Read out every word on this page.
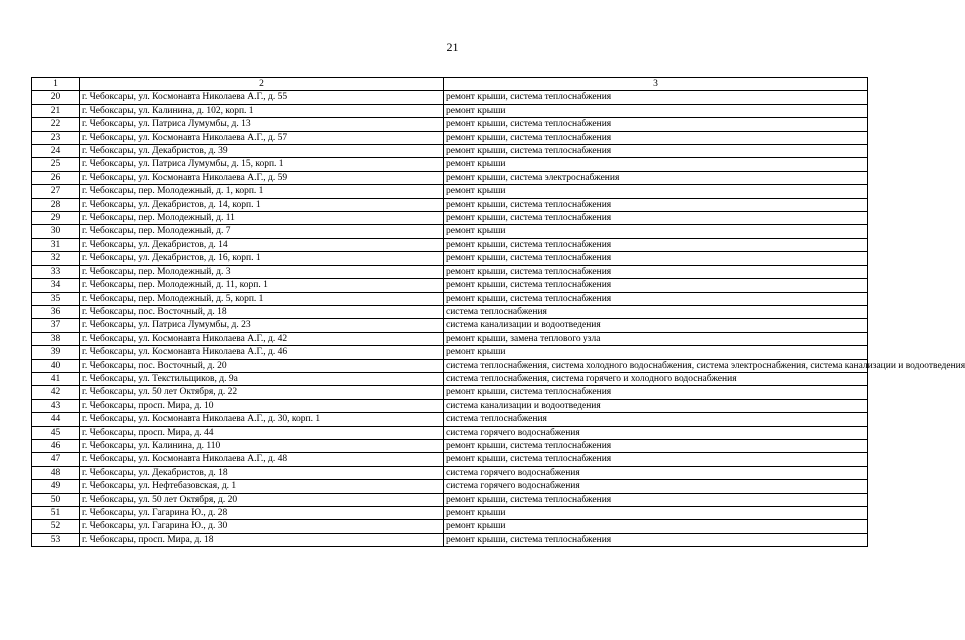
21
1	2	3
20	г. Чебоксары, ул. Космонавта Николаева А.Г., д. 55	ремонт крыши, система теплоснабжения
21	г. Чебоксары, ул. Калинина, д. 102, корп. 1	ремонт крыши
22	г. Чебоксары, ул. Патриса Лумумбы, д. 13	ремонт крыши, система теплоснабжения
23	г. Чебоксары, ул. Космонавта Николаева А.Г., д. 57	ремонт крыши, система теплоснабжения
24	г. Чебоксары, ул. Декабристов, д. 39	ремонт крыши, система теплоснабжения
25	г. Чебоксары, ул. Патриса Лумумбы, д. 15, корп. 1	ремонт крыши
26	г. Чебоксары, ул. Космонавта Николаева А.Г., д. 59	ремонт крыши, система электроснабжения
27	г. Чебоксары, пер. Молодежный, д. 1, корп. 1	ремонт крыши
28	г. Чебоксары, ул. Декабристов, д. 14, корп. 1	ремонт крыши, система теплоснабжения
29	г. Чебоксары, пер. Молодежный, д. 11	ремонт крыши, система теплоснабжения
30	г. Чебоксары, пер. Молодежный, д. 7	ремонт крыши
31	г. Чебоксары, ул. Декабристов, д. 14	ремонт крыши, система теплоснабжения
32	г. Чебоксары, ул. Декабристов, д. 16, корп. 1	ремонт крыши, система теплоснабжения
33	г. Чебоксары, пер. Молодежный, д. 3	ремонт крыши, система теплоснабжения
34	г. Чебоксары, пер. Молодежный, д. 11, корп. 1	ремонт крыши, система теплоснабжения
35	г. Чебоксары, пер. Молодежный, д. 5, корп. 1	ремонт крыши, система теплоснабжения
36	г. Чебоксары, пос. Восточный, д. 18	система теплоснабжения
37	г. Чебоксары, ул. Патриса Лумумбы, д. 23	система канализации и водоотведения
38	г. Чебоксары, ул. Космонавта Николаева А.Г., д. 42	ремонт крыши, замена теплового узла
39	г. Чебоксары, ул. Космонавта Николаева А.Г., д. 46	ремонт крыши
40	г. Чебоксары, пос. Восточный, д. 20	система теплоснабжения, система холодного водоснабжения, система электроснабжения, система канализации и водоотведения
41	г. Чебоксары, ул. Текстильщиков, д. 9а	система теплоснабжения, система горячего и холодного водоснабжения
42	г. Чебоксары, ул. 50 лет Октября, д. 22	ремонт крыши, система теплоснабжения
43	г. Чебоксары, просп. Мира, д. 10	система канализации и водоотведения
44	г. Чебоксары, ул. Космонавта Николаева А.Г., д. 30, корп. 1	система теплоснабжения
45	г. Чебоксары, просп. Мира, д. 44	система горячего водоснабжения
46	г. Чебоксары, ул. Калинина, д. 110	ремонт крыши, система теплоснабжения
47	г. Чебоксары, ул. Космонавта Николаева А.Г., д. 48	ремонт крыши, система теплоснабжения
48	г. Чебоксары, ул. Декабристов, д. 18	система горячего водоснабжения
49	г. Чебоксары, ул. Нефтебазовская, д. 1	система горячего водоснабжения
50	г. Чебоксары, ул. 50 лет Октября, д. 20	ремонт крыши, система теплоснабжения
51	г. Чебоксары, ул. Гагарина Ю., д. 28	ремонт крыши
52	г. Чебоксары, ул. Гагарина Ю., д. 30	ремонт крыши
53	г. Чебоксары, просп. Мира, д. 18	ремонт крыши, система теплоснабжения
